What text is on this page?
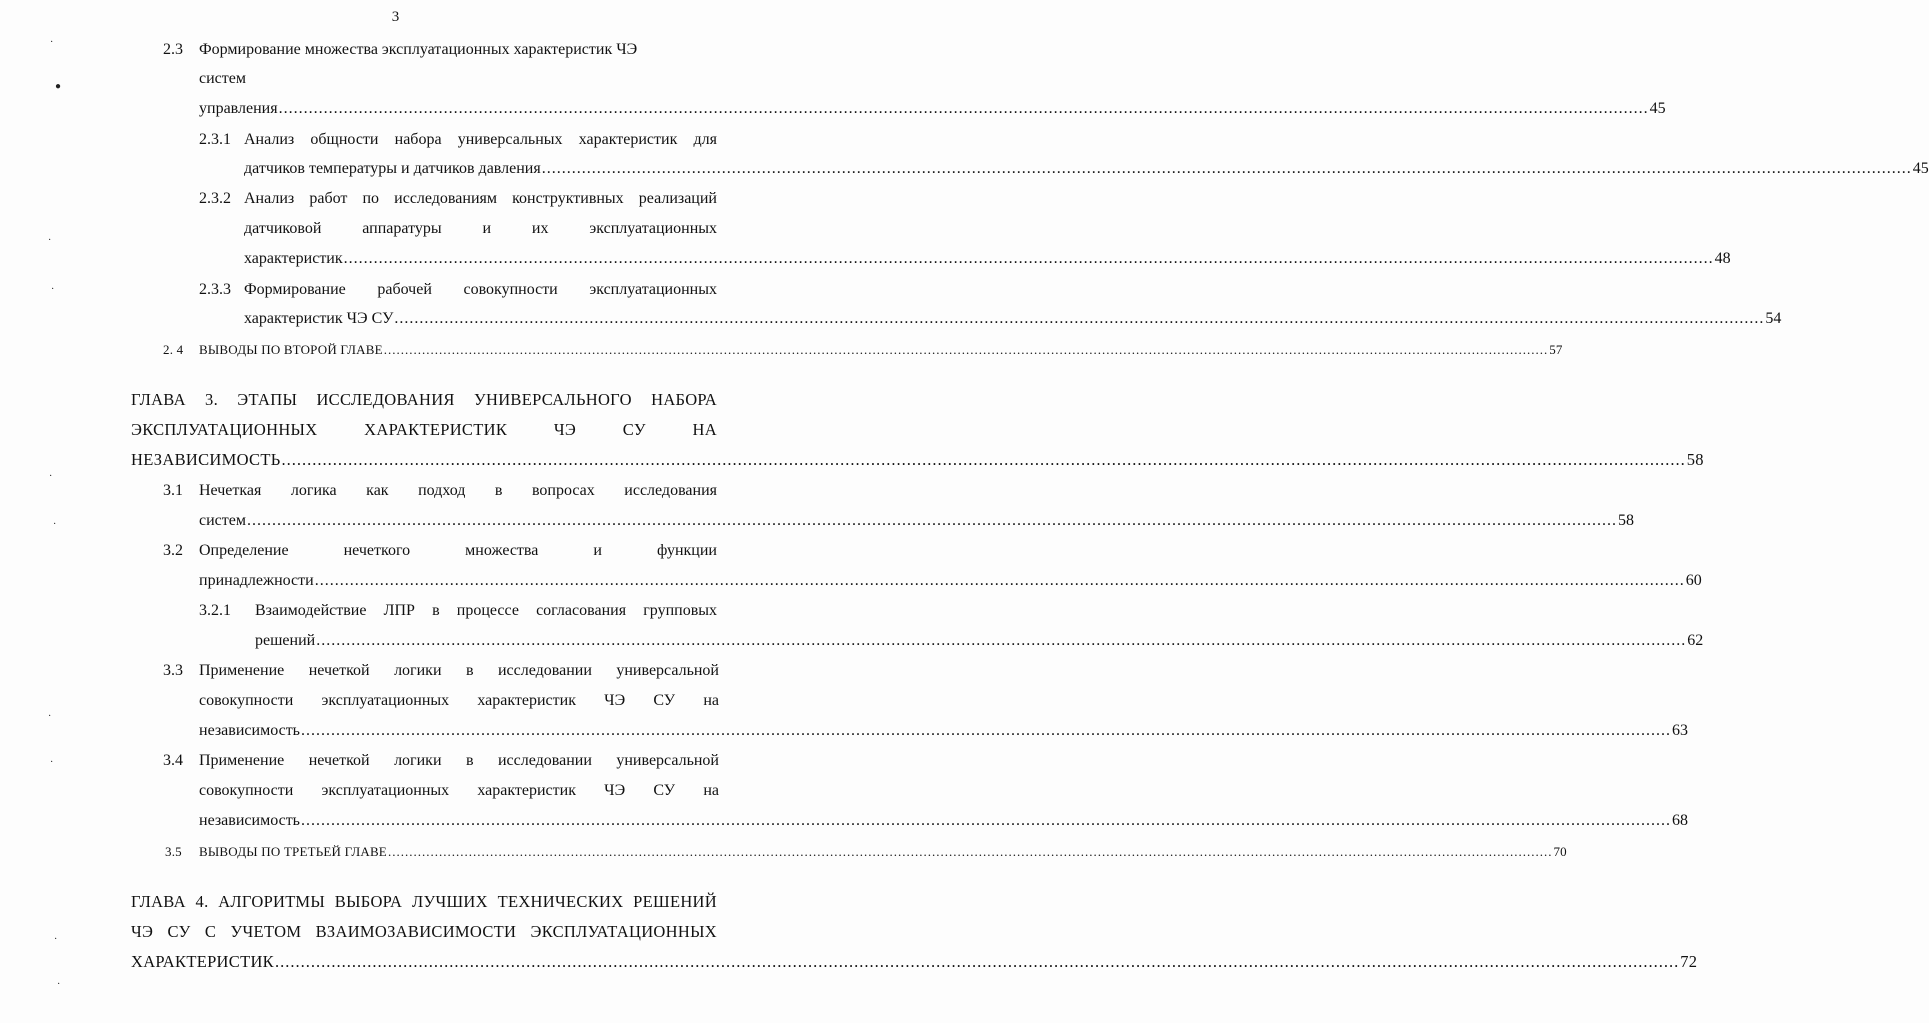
3
·
●
·
·
·
·
·
·
·
·
2.3 Формирование множества эксплуатационных характеристик ЧЭ
систем
управления .................................................................................................................................................................................................................................................................................. 45
2.3.1 Анализ общности набора универсальных характеристик для
датчиков температуры и датчиков давления .................................................................................................................................................................................................................................................................................. 45
2.3.2 Анализ работ по исследованиям конструктивных реализаций
датчиковой аппаратуры и их эксплуатационных
характеристик .................................................................................................................................................................................................................................................................................. 48
2.3.3 Формирование рабочей совокупности эксплуатационных
характеристик ЧЭ СУ .................................................................................................................................................................................................................................................................................. 54
2. 4 ВЫВОДЫ ПО ВТОРОЙ ГЛАВЕ .................................................................................................................................................................................................................................................................................. 57
ГЛАВА 3. ЭТАПЫ ИССЛЕДОВАНИЯ УНИВЕРСАЛЬНОГО НАБОРА
ЭКСПЛУАТАЦИОННЫХ ХАРАКТЕРИСТИК ЧЭ СУ НА
НЕЗАВИСИМОСТЬ .................................................................................................................................................................................................................................................................................. 58
3.1 Нечеткая логика как подход в вопросах исследования
систем .................................................................................................................................................................................................................................................................................. 58
3.2 Определение нечеткого множества и функции
принадлежности .................................................................................................................................................................................................................................................................................. 60
3.2.1 Взаимодействие ЛПР в процессе согласования групповых
решений .................................................................................................................................................................................................................................................................................. 62
3.3 Применение нечеткой логики в исследовании универсальной
совокупности эксплуатационных характеристик ЧЭ СУ на
независимость .................................................................................................................................................................................................................................................................................. 63
3.4 Применение нечеткой логики в исследовании универсальной
совокупности эксплуатационных характеристик ЧЭ СУ на
независимость .................................................................................................................................................................................................................................................................................. 68
3.5 ВЫВОДЫ ПО ТРЕТЬЕЙ ГЛАВЕ .................................................................................................................................................................................................................................................................................. 70
ГЛАВА 4. АЛГОРИТМЫ ВЫБОРА ЛУЧШИХ ТЕХНИЧЕСКИХ РЕШЕНИЙ
ЧЭ СУ С УЧЕТОМ ВЗАИМОЗАВИСИМОСТИ ЭКСПЛУАТАЦИОННЫХ
ХАРАКТЕРИСТИК .................................................................................................................................................................................................................................................................................. 72
